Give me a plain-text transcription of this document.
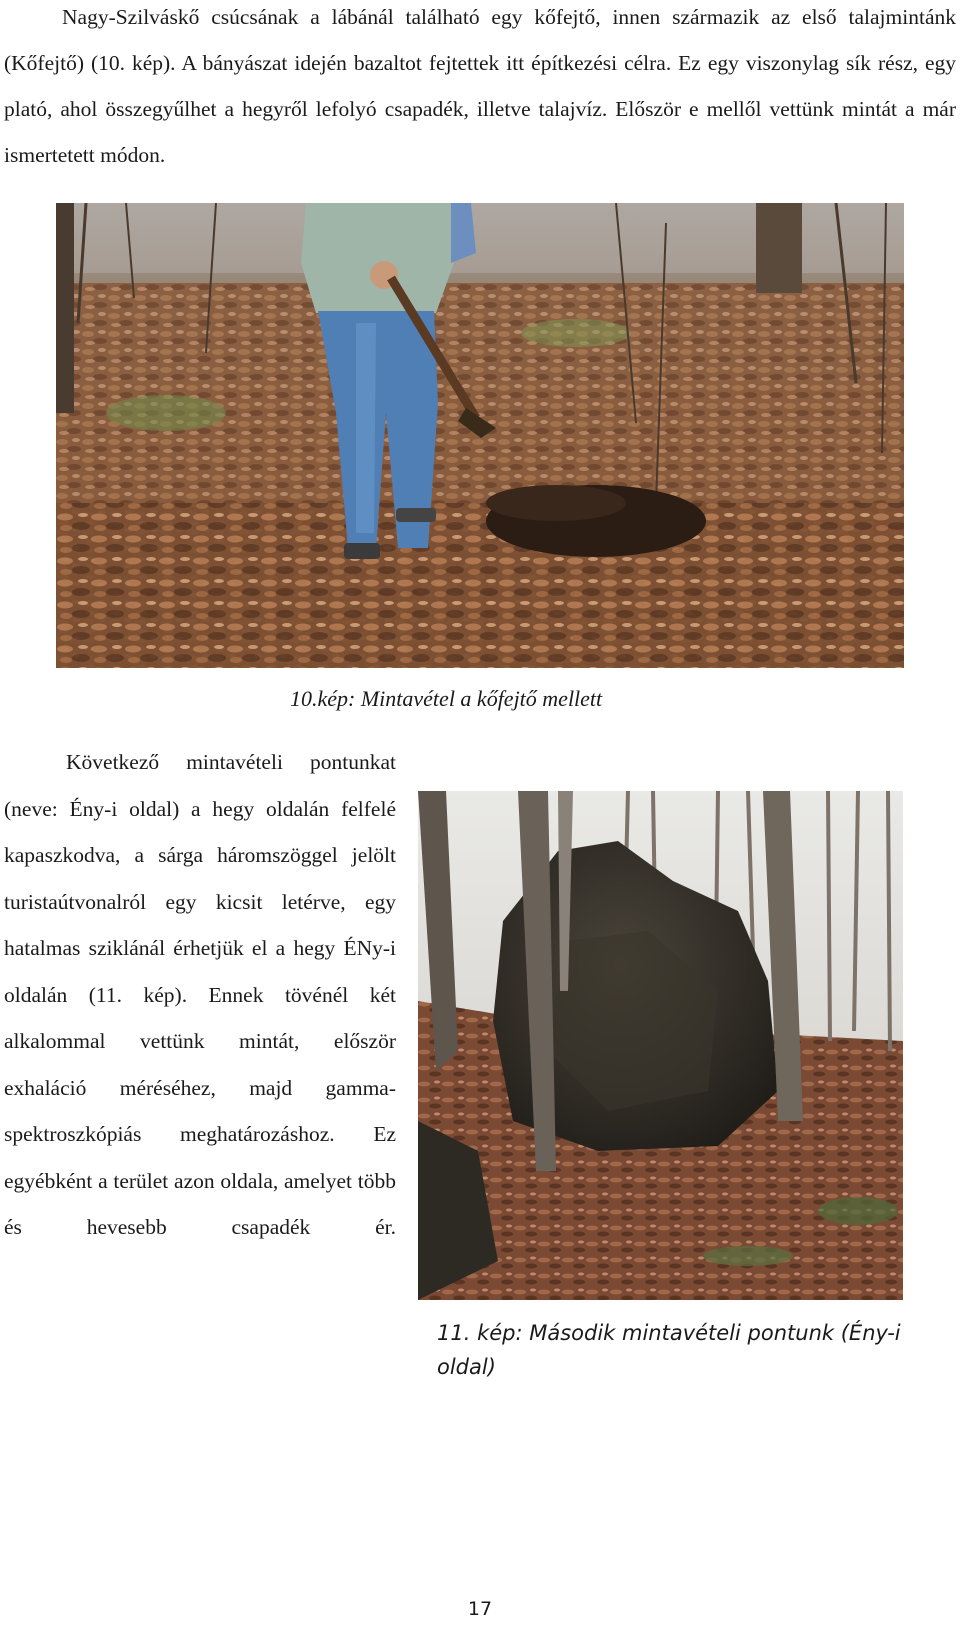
Nagy-Szilváskő csúcsának a lábánál található egy kőfejtő, innen származik az első talajmintánk (Kőfejtő) (10. kép). A bányászat idején bazaltot fejtettek itt építkezési célra. Ez egy viszonylag sík rész, egy plató, ahol összegyűlhet a hegyről lefolyó csapadék, illetve talajvíz. Először e mellől vettünk mintát a már ismertetett módon.

10.kép: Mintavétel a kőfejtő mellett

Következő mintavételi pontunkat (neve: Ény-i oldal) a hegy oldalán felfelé kapaszkodva, a sárga háromszöggel jelölt turistaútvonalról egy kicsit letérve, egy hatalmas sziklánál érhetjük el a hegy ÉNy-i oldalán (11. kép). Ennek tövénél két alkalommal vettünk mintát, először exhaláció méréséhez, majd gamma-spektroszkópiás meghatározáshoz. Ez egyébként a terület azon oldala, amelyet több és hevesebb csapadék ér.

11. kép: Második mintavételi pontunk (Ény-i oldal)

17
